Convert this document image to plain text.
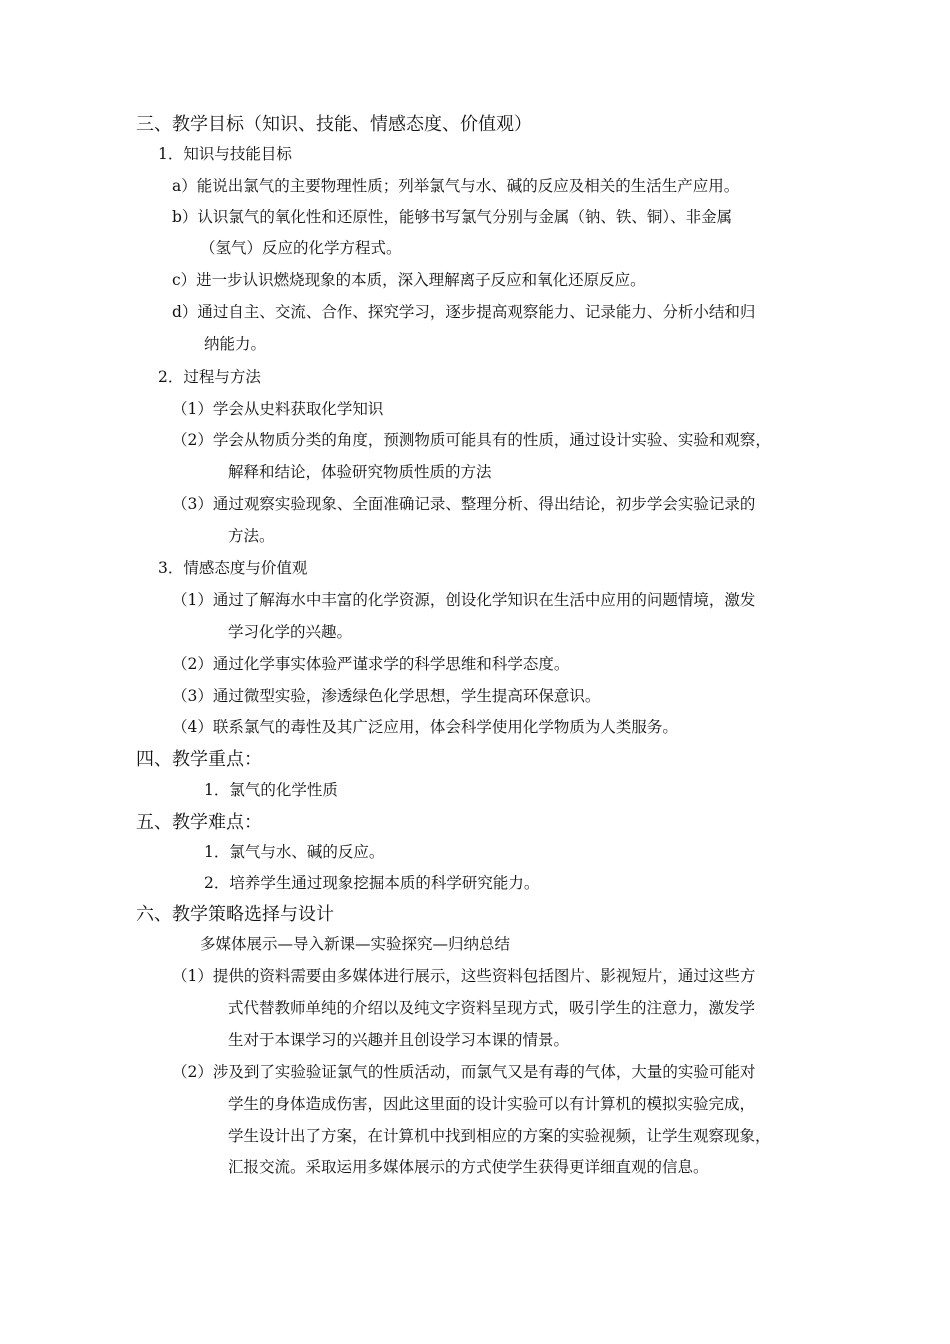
三、教学目标（知识、技能、情感态度、价值观）
1．知识与技能目标
a）能说出氯气的主要物理性质；列举氯气与水、碱的反应及相关的生活生产应用。
b）认识氯气的氧化性和还原性，能够书写氯气分别与金属（钠、铁、铜）、非金属
（氢气）反应的化学方程式。
c）进一步认识燃烧现象的本质，深入理解离子反应和氧化还原反应。
d）通过自主、交流、合作、探究学习，逐步提高观察能力、记录能力、分析小结和归
纳能力。
2．过程与方法
（1）学会从史料获取化学知识
（2）学会从物质分类的角度，预测物质可能具有的性质，通过设计实验、实验和观察，
解释和结论，体验研究物质性质的方法
（3）通过观察实验现象、全面准确记录、整理分析、得出结论，初步学会实验记录的
方法。
3．情感态度与价值观
（1）通过了解海水中丰富的化学资源，创设化学知识在生活中应用的问题情境，激发
学习化学的兴趣。
（2）通过化学事实体验严谨求学的科学思维和科学态度。
（3）通过微型实验，渗透绿色化学思想，学生提高环保意识。
（4）联系氯气的毒性及其广泛应用，体会科学使用化学物质为人类服务。
四、教学重点：
1．氯气的化学性质
五、教学难点：
1．氯气与水、碱的反应。
2．培养学生通过现象挖掘本质的科学研究能力。
六、教学策略选择与设计
多媒体展示—导入新课—实验探究—归纳总结
（1）提供的资料需要由多媒体进行展示，这些资料包括图片、影视短片，通过这些方
式代替教师单纯的介绍以及纯文字资料呈现方式，吸引学生的注意力，激发学
生对于本课学习的兴趣并且创设学习本课的情景。
（2）涉及到了实验验证氯气的性质活动，而氯气又是有毒的气体，大量的实验可能对
学生的身体造成伤害，因此这里面的设计实验可以有计算机的模拟实验完成，
学生设计出了方案，在计算机中找到相应的方案的实验视频，让学生观察现象，
汇报交流。采取运用多媒体展示的方式使学生获得更详细直观的信息。
